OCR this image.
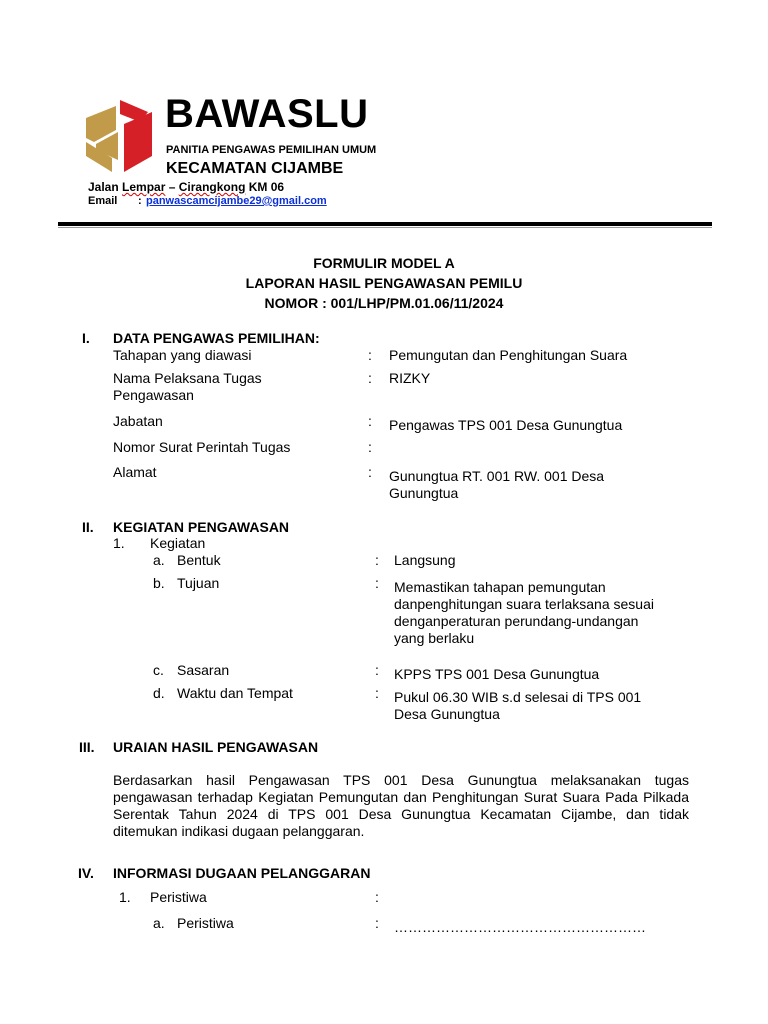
BAWASLU
PANITIA PENGAWAS PEMILIHAN UMUM
KECAMATAN CIJAMBE
Jalan Lempar – Cirangkong KM 06
Email : panwascamcijambe29@gmail.com
FORMULIR MODEL A
LAPORAN HASIL PENGAWASAN PEMILU
NOMOR : 001/LHP/PM.01.06/11/2024
I. DATA PENGAWAS PEMILIHAN:
Tahapan yang diawasi	: Pemungutan dan Penghitungan Suara
Nama Pelaksana Tugas
Pengawasan
: RIZKY
Jabatan	: Pengawas TPS 001 Desa Gunungtua
Nomor Surat Perintah Tugas	:
Alamat	: Gunungtua RT. 001 RW. 001 Desa
Gunungtua
II. KEGIATAN PENGAWASAN
1. Kegiatan
a. Bentuk	: Langsung
b. Tujuan	: Memastikan tahapan pemungutan
danpenghitungan suara terlaksana sesuai
denganperaturan perundang-undangan
yang berlaku
c. Sasaran	: KPPS TPS 001 Desa Gunungtua
d. Waktu dan Tempat	: Pukul 06.30 WIB s.d selesai di TPS 001
Desa Gunungtua
III. URAIAN HASIL PENGAWASAN
Berdasarkan hasil Pengawasan TPS 001 Desa Gunungtua melaksanakan tugas pengawasan terhadap Kegiatan Pemungutan dan Penghitungan Surat Suara Pada Pilkada Serentak Tahun 2024 di TPS 001 Desa Gunungtua Kecamatan Cijambe, dan tidak ditemukan indikasi dugaan pelanggaran.
IV. INFORMASI DUGAAN PELANGGARAN
1. Peristiwa	:
a. Peristiwa	: ………………………………………………
